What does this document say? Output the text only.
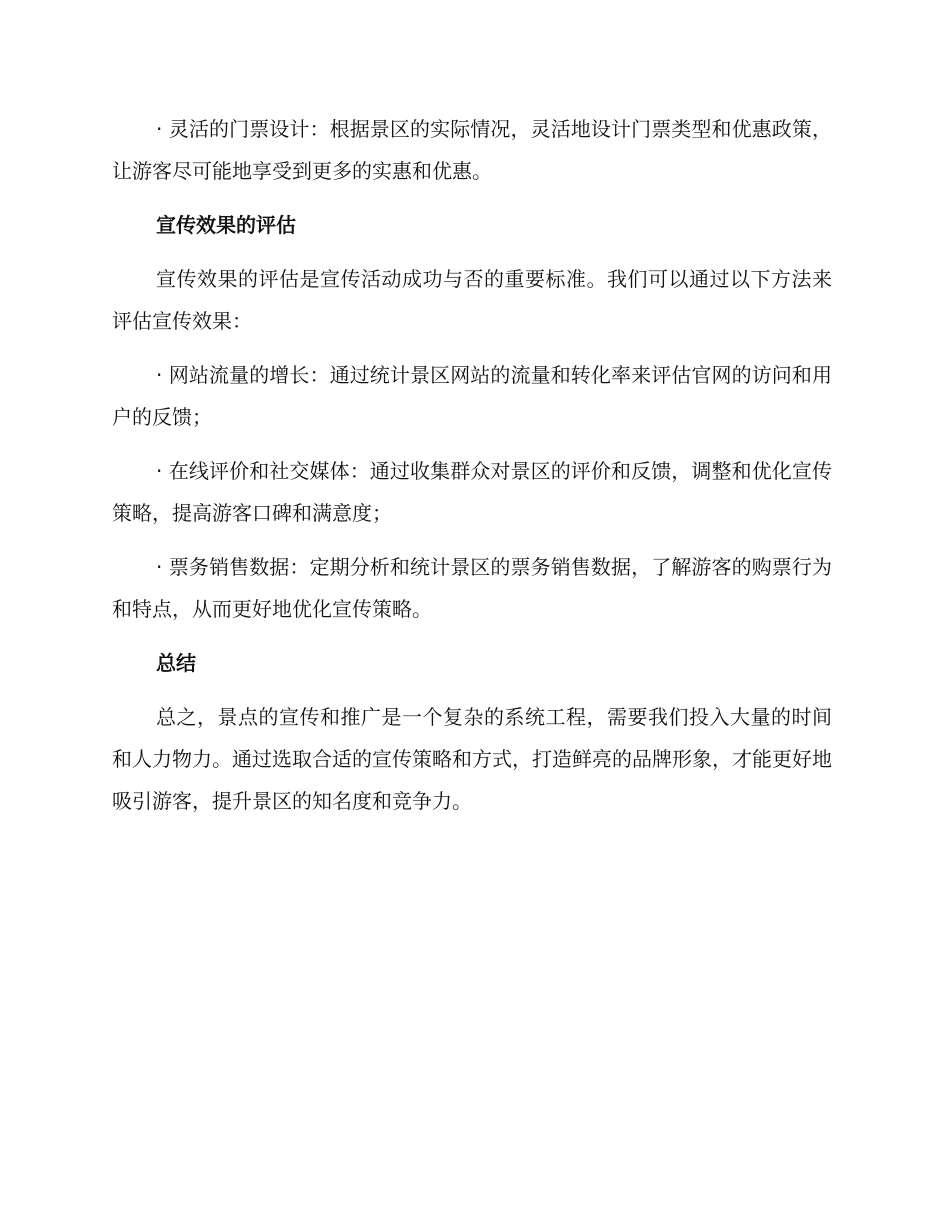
· 灵活的门票设计：根据景区的实际情况，灵活地设计门票类型和优惠政策，让游客尽可能地享受到更多的实惠和优惠。

宣传效果的评估

宣传效果的评估是宣传活动成功与否的重要标准。我们可以通过以下方法来评估宣传效果：

· 网站流量的增长：通过统计景区网站的流量和转化率来评估官网的访问和用户的反馈；

· 在线评价和社交媒体：通过收集群众对景区的评价和反馈，调整和优化宣传策略，提高游客口碑和满意度；

· 票务销售数据：定期分析和统计景区的票务销售数据，了解游客的购票行为和特点，从而更好地优化宣传策略。

总结

总之，景点的宣传和推广是一个复杂的系统工程，需要我们投入大量的时间和人力物力。通过选取合适的宣传策略和方式，打造鲜亮的品牌形象，才能更好地吸引游客，提升景区的知名度和竞争力。
